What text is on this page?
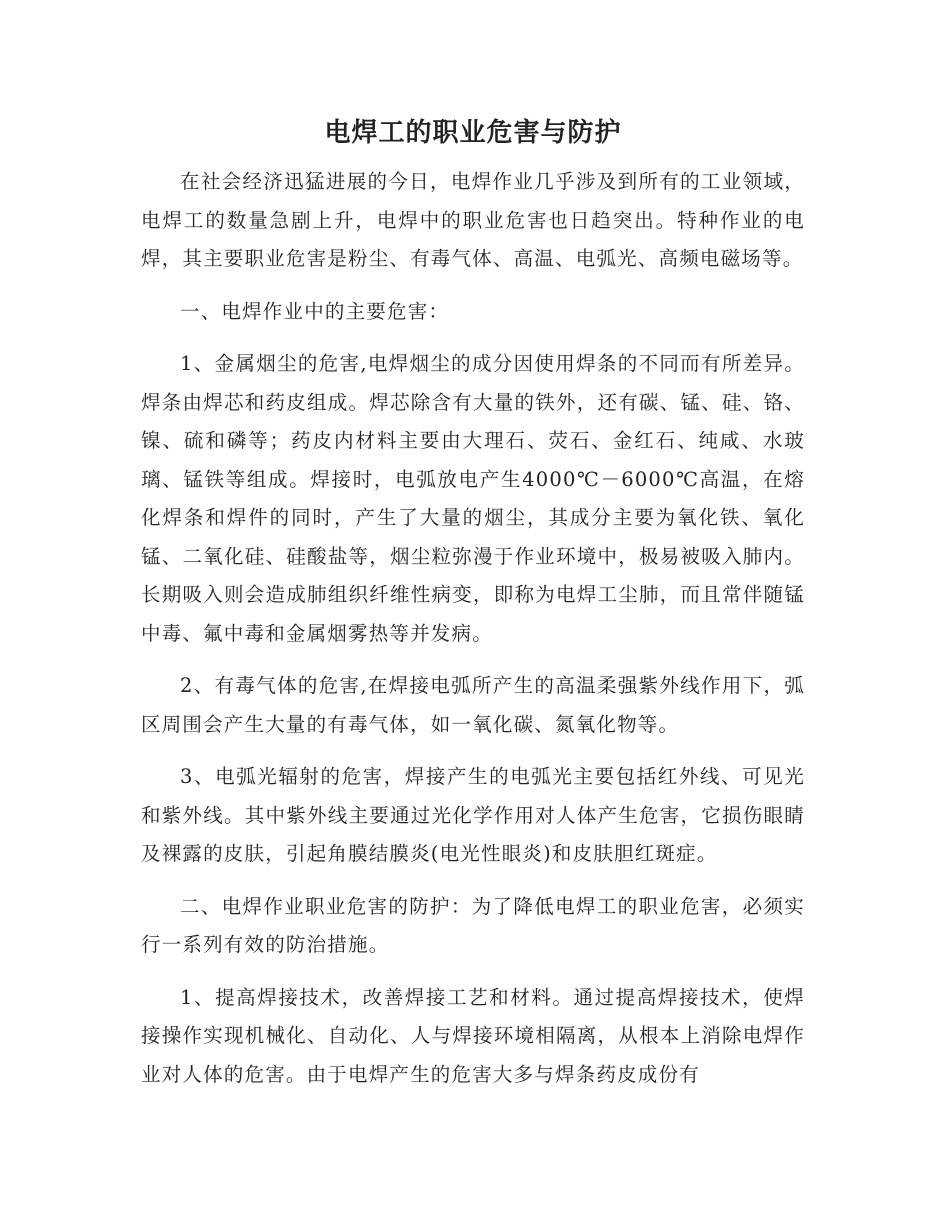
电焊工的职业危害与防护

在社会经济迅猛进展的今日，电焊作业几乎涉及到所有的工业领域，电焊工的数量急剧上升，电焊中的职业危害也日趋突出。特种作业的电焊，其主要职业危害是粉尘、有毒气体、高温、电弧光、高频电磁场等。

一、电焊作业中的主要危害：

1、金属烟尘的危害,电焊烟尘的成分因使用焊条的不同而有所差异。焊条由焊芯和药皮组成。焊芯除含有大量的铁外，还有碳、锰、硅、铬、镍、硫和磷等；药皮内材料主要由大理石、荧石、金红石、纯咸、水玻璃、锰铁等组成。焊接时，电弧放电产生4000℃－6000℃高温，在熔化焊条和焊件的同时，产生了大量的烟尘，其成分主要为氧化铁、氧化锰、二氧化硅、硅酸盐等，烟尘粒弥漫于作业环境中，极易被吸入肺内。长期吸入则会造成肺组织纤维性病变，即称为电焊工尘肺，而且常伴随锰中毒、氟中毒和金属烟雾热等并发病。

2、有毒气体的危害,在焊接电弧所产生的高温柔强紫外线作用下，弧区周围会产生大量的有毒气体，如一氧化碳、氮氧化物等。

3、电弧光辐射的危害，焊接产生的电弧光主要包括红外线、可见光和紫外线。其中紫外线主要通过光化学作用对人体产生危害，它损伤眼睛及裸露的皮肤，引起角膜结膜炎(电光性眼炎)和皮肤胆红斑症。

二、电焊作业职业危害的防护：为了降低电焊工的职业危害，必须实行一系列有效的防治措施。

1、提高焊接技术，改善焊接工艺和材料。通过提高焊接技术，使焊接操作实现机械化、自动化、人与焊接环境相隔离，从根本上消除电焊作业对人体的危害。由于电焊产生的危害大多与焊条药皮成份有
